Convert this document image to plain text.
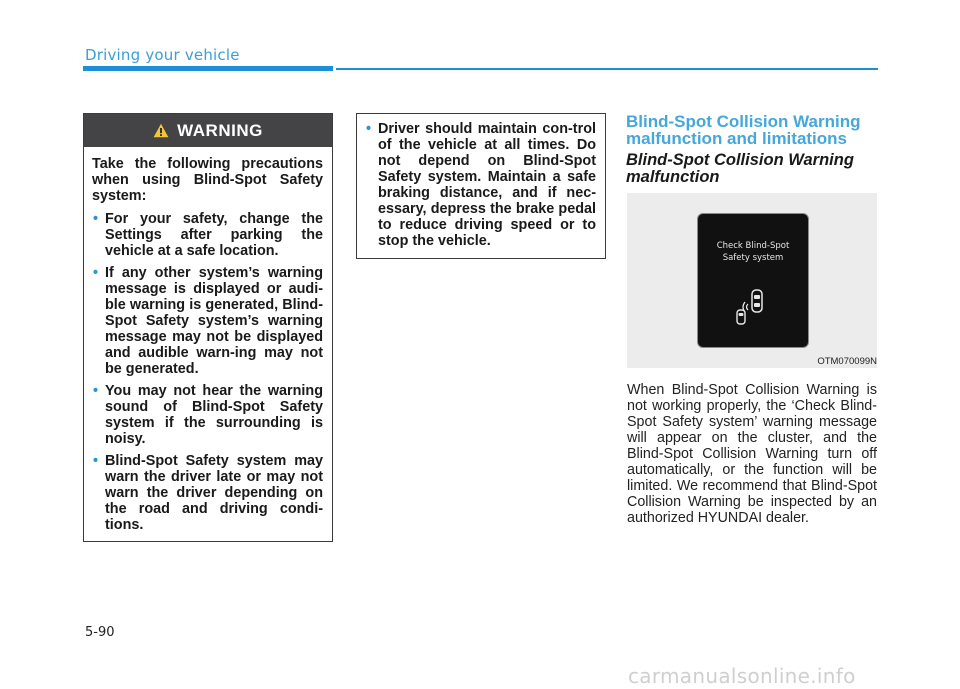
Driving your vehicle
WARNING
Take the following precautions when using Blind-Spot Safety system:
• For your safety, change the Settings after parking the vehicle at a safe location.
• If any other system’s warning message is displayed or audi-ble warning is generated, Blind-Spot Safety system’s warning message may not be displayed and audible warn-ing may not be generated.
• You may not hear the warning sound of Blind-Spot Safety system if the surrounding is noisy.
• Blind-Spot Safety system may warn the driver late or may not warn the driver depending on the road and driving condi-tions.
• Driver should maintain con-trol of the vehicle at all times. Do not depend on Blind-Spot Safety system. Maintain a safe braking distance, and if nec-essary, depress the brake pedal to reduce driving speed or to stop the vehicle.
Blind-Spot Collision Warning malfunction and limitations
Blind-Spot Collision Warning malfunction
Check Blind-Spot
Safety system
OTM070099N
When Blind-Spot Collision Warning is not working properly, the ‘Check Blind-Spot Safety system’ warning message will appear on the cluster, and the Blind-Spot Collision Warning turn off automatically, or the function will be limited. We recommend that Blind-Spot Collision Warning be inspected by an authorized HYUNDAI dealer.
5-90
carmanualsonline.info
